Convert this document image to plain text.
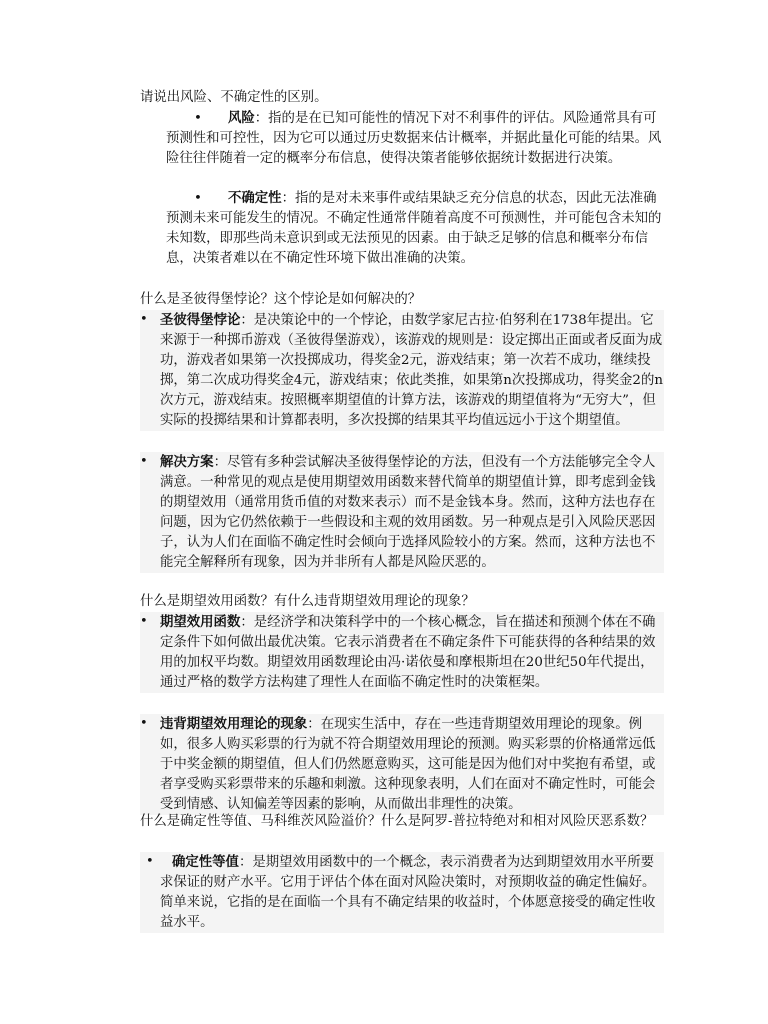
请说出风险、不确定性的区别。

• 风险：指的是在已知可能性的情况下对不利事件的评估。风险通常具有可预测性和可控性，因为它可以通过历史数据来估计概率，并据此量化可能的结果。风险往往伴随着一定的概率分布信息，使得决策者能够依据统计数据进行决策。

• 不确定性：指的是对未来事件或结果缺乏充分信息的状态，因此无法准确预测未来可能发生的情况。不确定性通常伴随着高度不可预测性，并可能包含未知的未知数，即那些尚未意识到或无法预见的因素。由于缺乏足够的信息和概率分布信息，决策者难以在不确定性环境下做出准确的决策。

什么是圣彼得堡悖论？这个悖论是如何解决的？

• 圣彼得堡悖论：是决策论中的一个悖论，由数学家尼古拉·伯努利在1738年提出。它来源于一种掷币游戏（圣彼得堡游戏），该游戏的规则是：设定掷出正面或者反面为成功，游戏者如果第一次投掷成功，得奖金2元，游戏结束；第一次若不成功，继续投掷，第二次成功得奖金4元，游戏结束；依此类推，如果第n次投掷成功，得奖金2的n次方元，游戏结束。按照概率期望值的计算方法，该游戏的期望值将为“无穷大”，但实际的投掷结果和计算都表明，多次投掷的结果其平均值远远小于这个期望值。

• 解决方案：尽管有多种尝试解决圣彼得堡悖论的方法，但没有一个方法能够完全令人满意。一种常见的观点是使用期望效用函数来替代简单的期望值计算，即考虑到金钱的期望效用（通常用货币值的对数来表示）而不是金钱本身。然而，这种方法也存在问题，因为它仍然依赖于一些假设和主观的效用函数。另一种观点是引入风险厌恶因子，认为人们在面临不确定性时会倾向于选择风险较小的方案。然而，这种方法也不能完全解释所有现象，因为并非所有人都是风险厌恶的。

什么是期望效用函数？有什么违背期望效用理论的现象？

• 期望效用函数：是经济学和决策科学中的一个核心概念，旨在描述和预测个体在不确定条件下如何做出最优决策。它表示消费者在不确定条件下可能获得的各种结果的效用的加权平均数。期望效用函数理论由冯·诺依曼和摩根斯坦在20世纪50年代提出，通过严格的数学方法构建了理性人在面临不确定性时的决策框架。

• 违背期望效用理论的现象：在现实生活中，存在一些违背期望效用理论的现象。例如，很多人购买彩票的行为就不符合期望效用理论的预测。购买彩票的价格通常远低于中奖金额的期望值，但人们仍然愿意购买，这可能是因为他们对中奖抱有希望，或者享受购买彩票带来的乐趣和刺激。这种现象表明，人们在面对不确定性时，可能会受到情感、认知偏差等因素的影响，从而做出非理性的决策。

什么是确定性等值、马科维茨风险溢价？什么是阿罗-普拉特绝对和相对风险厌恶系数？

•	确定性等值：是期望效用函数中的一个概念，表示消费者为达到期望效用水平所要求保证的财产水平。它用于评估个体在面对风险决策时，对预期收益的确定性偏好。简单来说，它指的是在面临一个具有不确定结果的收益时，个体愿意接受的确定性收益水平。
